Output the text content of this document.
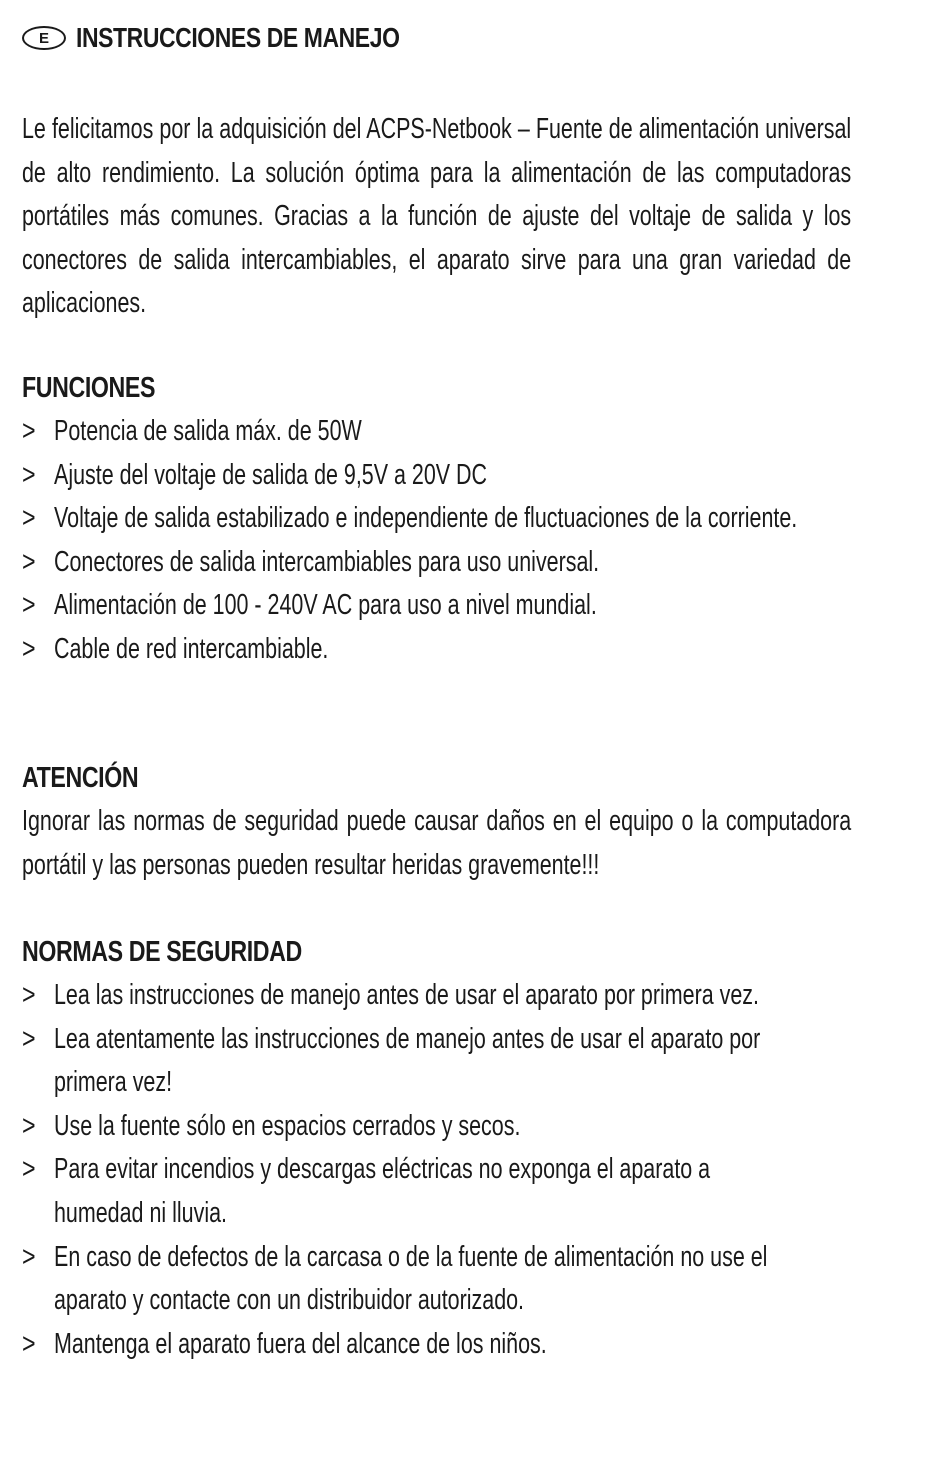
E INSTRUCCIONES DE MANEJO
Le felicitamos por la adquisición del ACPS-Netbook – Fuente de alimentación universal de alto rendimiento. La solución óptima para la alimentación de las computadoras portátiles más comunes. Gracias a la función de ajuste del voltaje de salida y los conectores de salida intercambiables, el aparato sirve para una gran variedad de aplicaciones.
FUNCIONES
> Potencia de salida máx. de 50W
> Ajuste del voltaje de salida de 9,5V a 20V DC
> Voltaje de salida estabilizado e independiente de fluctuaciones de la corriente.
> Conectores de salida intercambiables para uso universal.
> Alimentación de 100 - 240V AC para uso a nivel mundial.
> Cable de red intercambiable.
ATENCIÓN
Ignorar las normas de seguridad puede causar daños en el equipo o la computadora portátil y las personas pueden resultar heridas gravemente!!!
NORMAS DE SEGURIDAD
> Lea las instrucciones de manejo antes de usar el aparato por primera vez.
> Lea atentamente las instrucciones de manejo antes de usar el aparato por primera vez!
> Use la fuente sólo en espacios cerrados y secos.
> Para evitar incendios y descargas eléctricas no exponga el aparato a humedad ni lluvia.
> En caso de defectos de la carcasa o de la fuente de alimentación no use el aparato y contacte con un distribuidor autorizado.
> Mantenga el aparato fuera del alcance de los niños.
